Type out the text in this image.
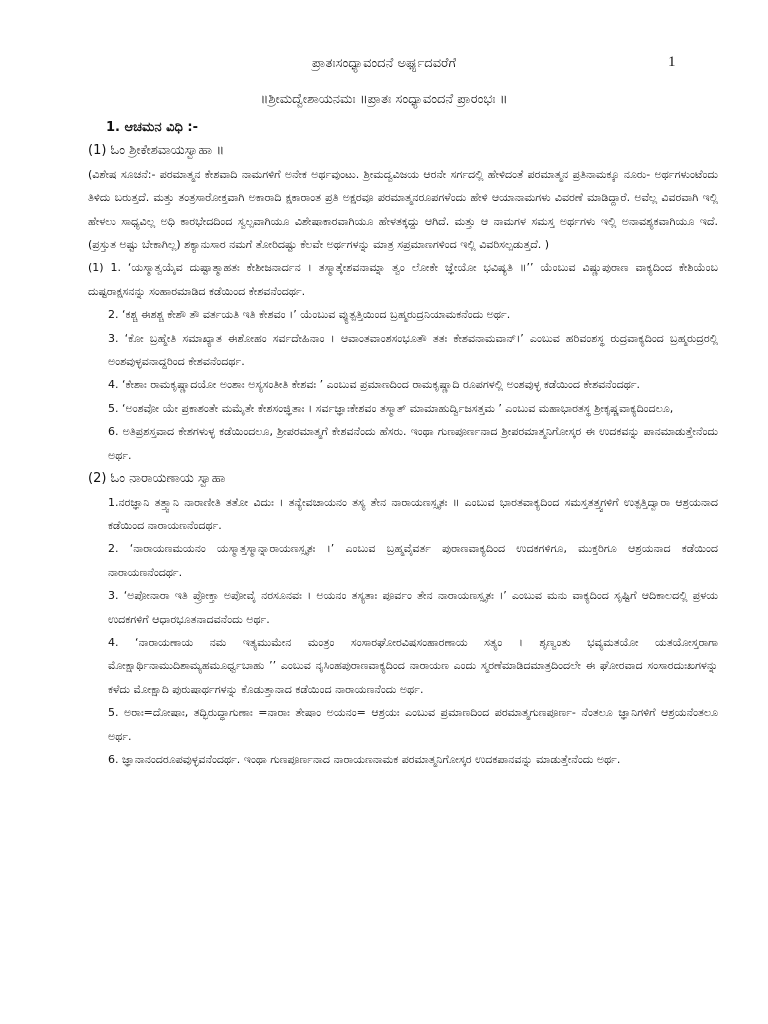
ಪ್ರಾತಃಸಂಧ್ಯಾವಂದನೆ ಅರ್ಘ್ಯದವರೆಗೆ	1
॥ಶ್ರೀಮದ್ವೇಶಾಯನಮಃ ॥ಪ್ರಾತಃ ಸಂಧ್ಯಾವಂದನೆ ಪ್ರಾರಂಭಃ ॥

1. ಆಚಮನ ವಿಧಿ :-

(1) ಓಂ ಶ್ರೀಕೇಶವಾಯಸ್ವಾಹಾ ॥

(ವಿಶೇಷ ಸೂಚನೆ:- ಪರಮಾತ್ಮನ ಕೇಶವಾದಿ ನಾಮಗಳಿಗೆ ಅನೇಕ ಅರ್ಥವುಂಟು. ಶ್ರೀಮದ್ವವಿಜಯ ಆರನೇ ಸರ್ಗದಲ್ಲಿ ಹೇಳಿದಂತೆ ಪರಮಾತ್ಮನ ಪ್ರತಿನಾಮಕ್ಕೂ ನೂರು- ಅರ್ಥಗಳುಂಟೆಂದು ತಿಳಿದು ಬರುತ್ತದೆ. ಮತ್ತು ತಂತ್ರಸಾರೋಕ್ತವಾಗಿ ಅಕಾರಾದಿ ಕ್ಷಕಾರಾಂತ ಪ್ರತಿ ಅಕ್ಷರವೂ ಪರಮಾತ್ಮನರೂಪಗಳೆಂದು ಹೇಳಿ ಆಯಾನಾಮಗಳು ವಿವರಣೆ ಮಾಡಿದ್ದಾರೆ. ಅವೆಲ್ಲ ವಿವರವಾಗಿ ಇಲ್ಲಿ ಹೇಳಲು ಸಾಧ್ಯವಿಲ್ಲ ಅಧಿ ಕಾರಭೇದದಿಂದ ಸ್ವಲ್ಪವಾಗಿಯೂ ವಿಶೇಷಾಕಾರವಾಗಿಯೂ ಹೇಳತಕ್ಕದ್ದು ಆಗಿದೆ. ಮತ್ತು ಆ ನಾಮಗಳ ಸಮಸ್ತ ಅರ್ಥಗಳು ಇಲ್ಲಿ ಅನಾವಶ್ಯಕವಾಗಿಯೂ ಇದೆ. (ಪ್ರಸ್ತುತ ಅಷ್ಟು ಬೇಕಾಗಿಲ್ಲ) ಶಕ್ಯಾನುಸಾರ ನಮಗೆ ತೋರಿದಷ್ಟು ಕೆಲವೇ ಅರ್ಥಗಳನ್ನು ಮಾತ್ರ ಸಪ್ರಮಾಣಗಳಿಂದ ಇಲ್ಲಿ ವಿವರಿಸಲ್ಪಡುತ್ತದೆ. )

(1) 1. ‘ಯಸ್ಮಾತ್ವಯೈವ ದುಷ್ಟಾತ್ಮಾಹತಃ ಕೇಶೀಜನಾರ್ದನ । ತಸ್ಮಾತ್ಕೇಶವನಾಮ್ನಾ ತ್ವಂ ಲೋಕೇ ಜ್ಞೇಯೋ ಭವಿಷ್ಯತಿ ॥’’ ಯೆಂಬುವ ವಿಷ್ಣುಪುರಾಣ ವಾಕ್ಯದಿಂದ ಕೇಶಿಯೆಂಬ ದುಷ್ಟರಾಕ್ಷಸನನ್ನು ಸಂಹಾರಮಾಡಿದ ಕಡೆಯಿಂದ ಕೇಶವನೆಂದರ್ಥ.

2. ‘ಕಶ್ಚ ಈಶಶ್ಚ ಕೇಶೌ ತೌ ವರ್ತಯತಿ ಇತಿ ಕೇಶವಂ ।’ ಯೆಂಬುವ ವ್ಯುತ್ಪತ್ತಿಯಿಂದ ಬ್ರಹ್ಮರುದ್ರನಿಯಾಮಕನೆಂದು ಅರ್ಥ.

3. ‘ಕೋ ಬ್ರಹ್ಮೇತಿ ಸಮಾಖ್ಯಾತ ಈಶೋಹಂ ಸರ್ವದೇಹಿನಾಂ । ಆವಾಂತವಾಂಶಸಂಭೂತೌ ತತಃ ಕೇಶವನಾಮವಾನ್।’ ಎಂಬುವ ಹರಿವಂಶಸ್ಥ ರುದ್ರವಾಕ್ಯದಿಂದ ಬ್ರಹ್ಮರುದ್ರರಲ್ಲಿ ಅಂಶವುಳ್ಳವನಾದ್ದರಿಂದ ಕೇಶವನೆಂದರ್ಥ.

4. ‘ಕೇಶಾಃ ರಾಮಕೃಷ್ಣಾದಯೋ ಅಂಶಾಃ ಅಸ್ಯಸಂತೀತಿ ಕೇಶವಃ ’ ಎಂಬುವ ಪ್ರಮಾಣದಿಂದ ರಾಮಕೃಷ್ಣಾದಿ ರೂಪಗಳಲ್ಲಿ ಅಂಶವುಳ್ಳ ಕಡೆಯಿಂದ ಕೇಶವನೆಂದರ್ಥ.

5. ‘ಅಂಶವೋ ಯೇ ಪ್ರಕಾಶಂತೇ ಮಮೈತೇ ಕೇಶಸಂಜ್ಞಿತಾಃ । ಸರ್ವಜ್ಞಾಃಕೇಶವಂ ತಸ್ಮಾತ್ ಮಾಮಾಹುರ್ದ್ವಿಜಸತ್ತಮ ’ ಎಂಬುವ ಮಹಾಭಾರತಸ್ಥ ಶ್ರೀಕೃಷ್ಣವಾಕ್ಯದಿಂದಲೂ,

6. ಅತಿಪ್ರಶಸ್ತವಾದ ಕೇಶಗಳುಳ್ಳ ಕಡೆಯಿಂದಲೂ, ಶ್ರೀಪರಮಾತ್ಮಗೆ ಕೇಶವನೆಂದು ಹೆಸರು. ಇಂಥಾ ಗುಣಪೂರ್ಣನಾದ ಶ್ರೀಪರಮಾತ್ಮನಿಗೋಸ್ಕರ ಈ ಉದಕವನ್ನು ಪಾನಮಾಡುತ್ತೇನೆಂದು ಅರ್ಥ.

(2) ಓಂ ನಾರಾಯಣಾಯ ಸ್ವಾಹಾ

1.ನರಜ್ಞಾನಿ ತತ್ತ್ವಾನಿ ನಾರಾಣೀತಿ ತತೋ ವಿದುಃ । ತನ್ಯೇವಚಾಯನಂ ತಸ್ಯ ತೇನ ನಾರಾಯಣಸ್ಸೃತಃ ॥ ಎಂಬುವ ಭಾರತವಾಕ್ಯದಿಂದ ಸಮಸ್ತತತ್ತ್ವಗಳಿಗೆ ಉತ್ಪತ್ತಿದ್ವಾರಾ ಆಶ್ರಯನಾದ ಕಡೆಯಿಂದ ನಾರಾಯಣನೆಂದರ್ಥ.

2. ‘ನಾರಾಯಣಮಯನಂ ಯಸ್ಮಾತ್ತಸ್ಮಾನ್ನಾರಾಯಣಸ್ಸೃತಃ ।’ ಎಂಬುವ ಬ್ರಹ್ಮವೈವರ್ತ ಪುರಾಣವಾಕ್ಯದಿಂದ ಉದಕಗಳಿಗೂ, ಮುಕ್ತರಿಗೂ ಆಶ್ರಯನಾದ ಕಡೆಯಿಂದ ನಾರಾಯಣನೆಂದರ್ಥ.

3. ‘ಅಪೋನಾರಾ ಇತಿ ಪ್ರೋಕ್ತಾ ಅಪೋವೈ ನರಸೂನವಃ । ಅಯನಂ ತಸ್ಯತಾಃ ಪೂರ್ವಂ ತೇನ ನಾರಾಯಣಸ್ಸೃತಃ ।’ ಎಂಬುವ ಮನು ವಾಕ್ಯದಿಂದ ಸೃಷ್ಟಿಗೆ ಆದಿಕಾಲದಲ್ಲಿ ಪ್ರಳಯ ಉದಕಗಳಿಗೆ ಆಧಾರಭೂತನಾದವನೆಂದು ಅರ್ಥ.

4. ‘ನಾರಾಯಣಾಯ ನಮ ಇತ್ಯಮುಮೇನ ಮಂತ್ರಂ ಸಂಸಾರಘೋರವಿಷಸಂಹಾರಣಾಯ ಸತ್ಯಂ । ಶೃಣ್ವಂತು ಭವ್ಯಮತಯೋ ಯತಯೋಸ್ತರಾಗಾ ಮೋಕ್ಷಾರ್ಥಿನಾಮುದಿಶಾಮ್ಯಹಮೂರ್ಧ್ವಬಾಹು ’’ ಎಂಬುವ ನೃಸಿಂಹಪುರಾಣವಾಕ್ಯದಿಂದ ನಾರಾಯಣ ಎಂದು ಸ್ಮರಣೆಮಾಡಿದಮಾತ್ರದಿಂದಲೇ ಈ ಘೋರವಾದ ಸಂಸಾರದುಃಖಗಳನ್ನು ಕಳೆದು ಮೋಕ್ಷಾದಿ ಪುರುಷಾರ್ಥಗಳನ್ನು ಕೊಡುತ್ತಾನಾದ ಕಡೆಯಿಂದ ನಾರಾಯಣನೆಂದು ಅರ್ಥ.

5. ಅರಾಃ=ದೋಷಾಃ, ತದ್ಭಿರುದ್ಧಾಗುಣಾಃ =ನಾರಾಃ ತೇಷಾಂ ಅಯನಂ= ಆಶ್ರಯಃ ಎಂಬುವ ಪ್ರಮಾಣದಿಂದ ಪರಮಾತ್ಮಗುಣಪೂರ್ಣ- ನೆಂತಲೂ ಜ್ಞಾನಿಗಳಿಗೆ ಆಶ್ರಯನೆಂತಲೂ ಅರ್ಥ.

6. ಜ್ಞಾನಾನಂದರೂಪವುಳ್ಳವನೆಂದರ್ಥ. ಇಂಥಾ ಗುಣಪೂರ್ಣನಾದ ನಾರಾಯಣನಾಮಕ ಪರಮಾತ್ಮನಿಗೋಸ್ಕರ ಉದಕಪಾನವನ್ನು ಮಾಡುತ್ತೇನೆಂದು ಅರ್ಥ.
